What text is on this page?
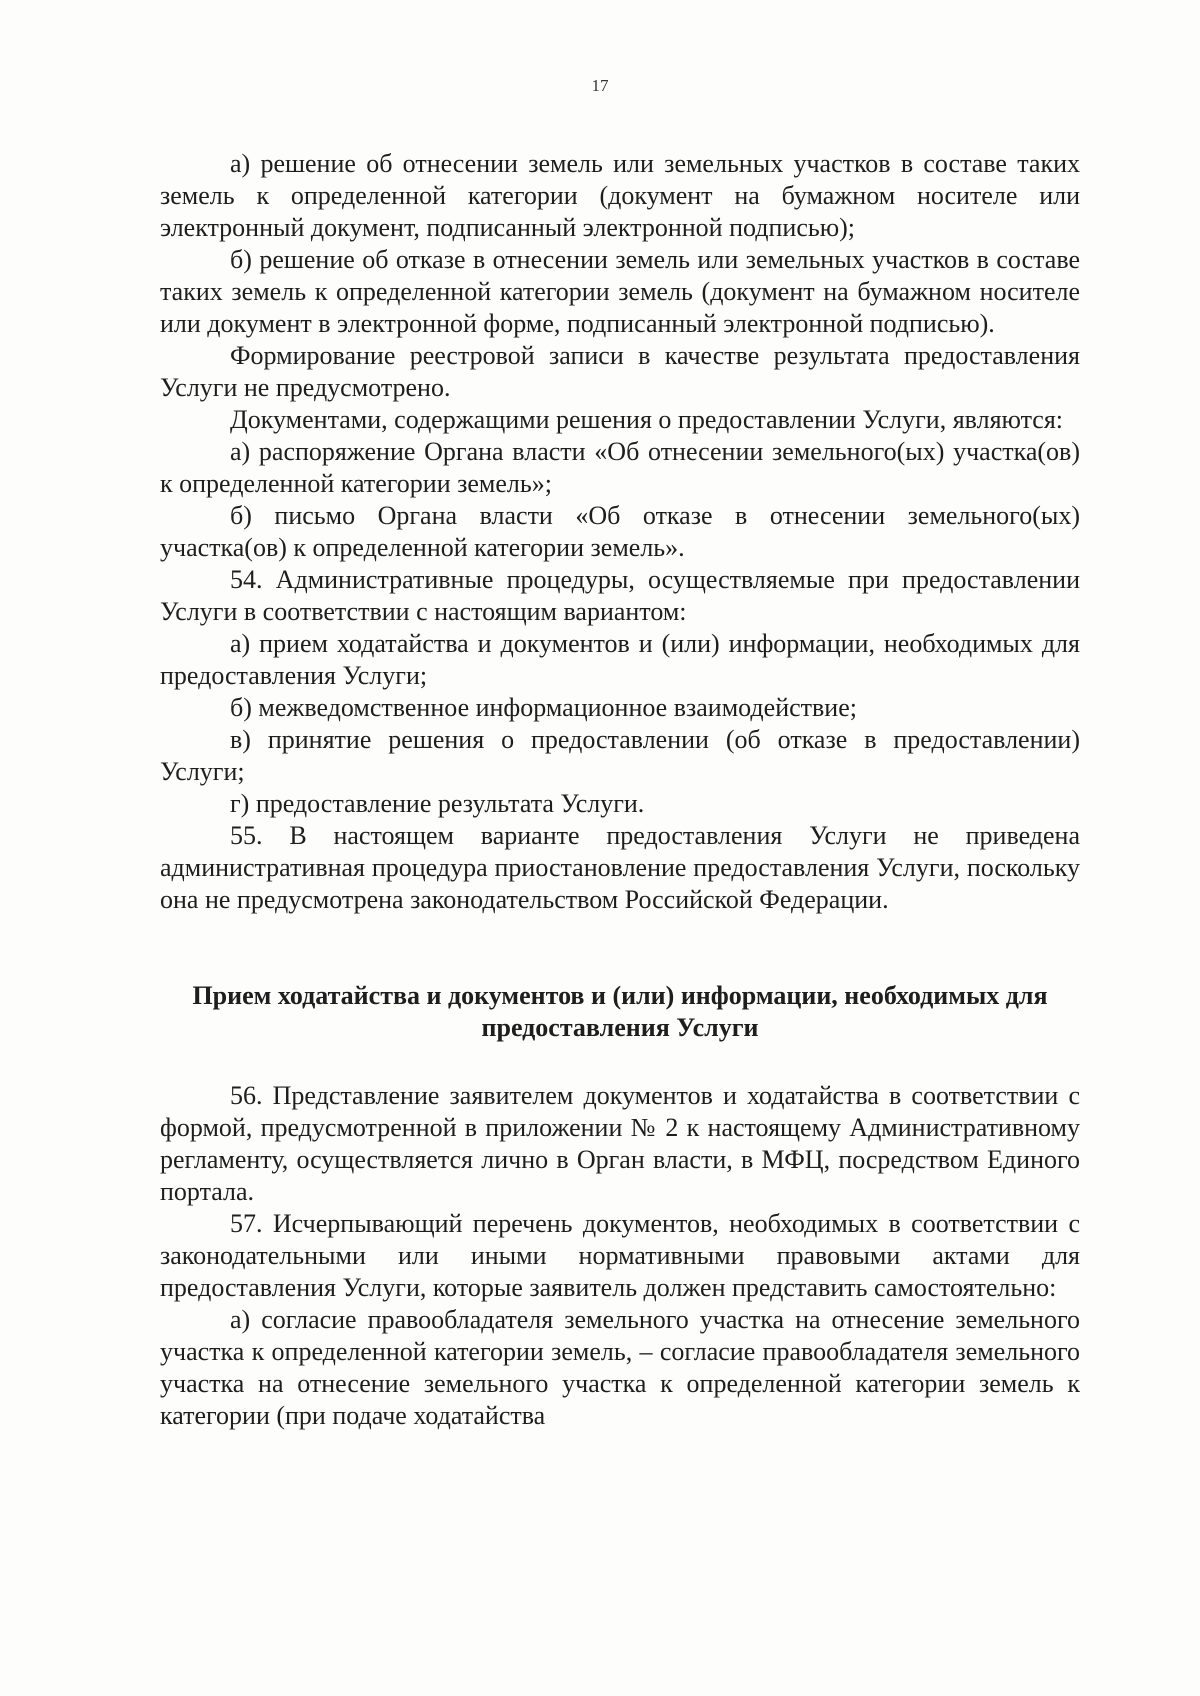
17

а) решение об отнесении земель или земельных участков в составе таких земель к определенной категории (документ на бумажном носителе или электронный документ, подписанный электронной подписью);

б) решение об отказе в отнесении земель или земельных участков в составе таких земель к определенной категории земель (документ на бумажном носителе или документ в электронной форме, подписанный электронной подписью).

Формирование реестровой записи в качестве результата предоставления Услуги не предусмотрено.

Документами, содержащими решения о предоставлении Услуги, являются:

а) распоряжение Органа власти «Об отнесении земельного(ых) участка(ов) к определенной категории земель»;

б) письмо Органа власти «Об отказе в отнесении земельного(ых) участка(ов) к определенной категории земель».

54. Административные процедуры, осуществляемые при предоставлении Услуги в соответствии с настоящим вариантом:

а) прием ходатайства и документов и (или) информации, необходимых для предоставления Услуги;

б) межведомственное информационное взаимодействие;

в) принятие решения о предоставлении (об отказе в предоставлении) Услуги;

г) предоставление результата Услуги.

55. В настоящем варианте предоставления Услуги не приведена административная процедура приостановление предоставления Услуги, поскольку она не предусмотрена законодательством Российской Федерации.

Прием ходатайства и документов и (или) информации, необходимых для предоставления Услуги

56. Представление заявителем документов и ходатайства в соответствии с формой, предусмотренной в приложении № 2 к настоящему Административному регламенту, осуществляется лично в Орган власти, в МФЦ, посредством Единого портала.

57. Исчерпывающий перечень документов, необходимых в соответствии с законодательными или иными нормативными правовыми актами для предоставления Услуги, которые заявитель должен представить самостоятельно:

а) согласие правообладателя земельного участка на отнесение земельного участка к определенной категории земель, – согласие правообладателя земельного участка на отнесение земельного участка к определенной категории земель к категории (при подаче ходатайства
